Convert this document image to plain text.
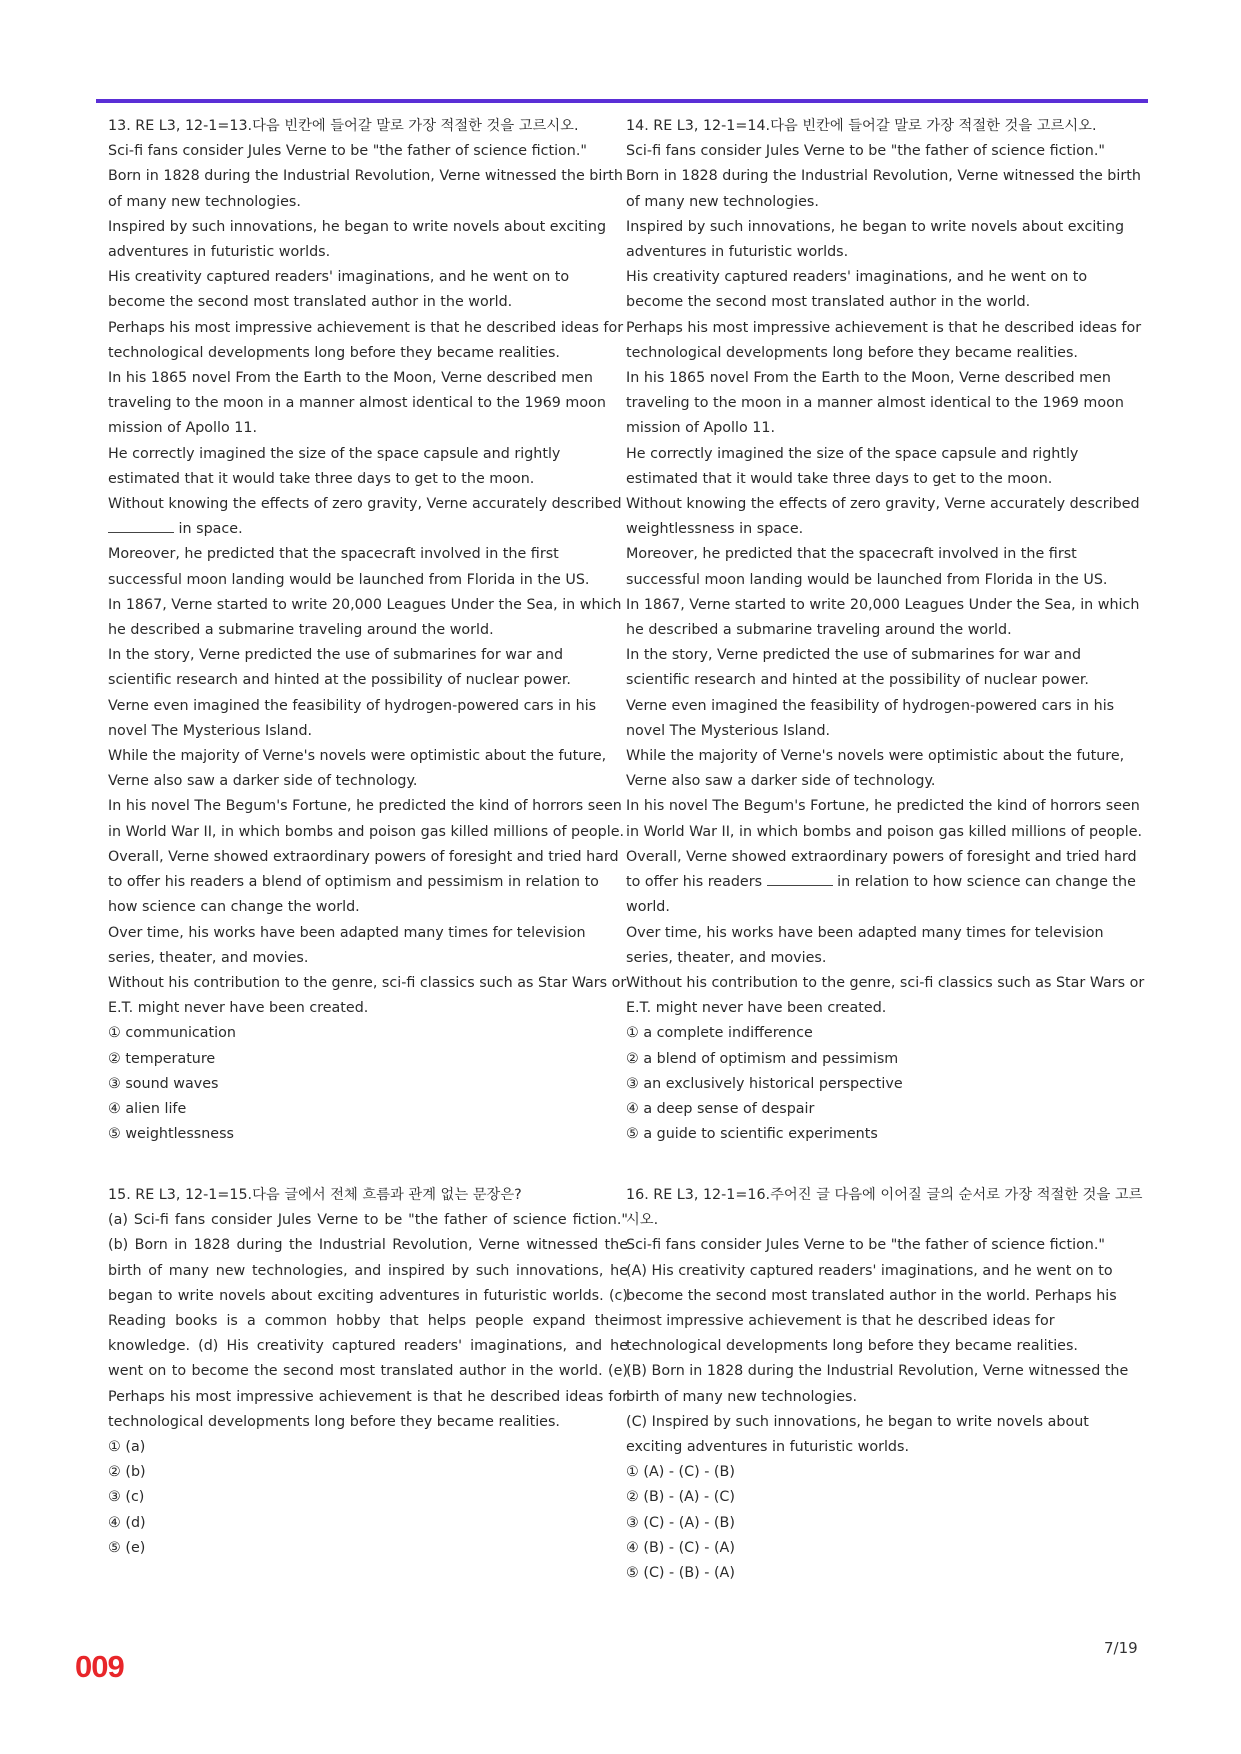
13. RE L3, 12-1=13.다음 빈칸에 들어갈 말로 가장 적절한 것을 고르시오.

Sci-fi fans consider Jules Verne to be "the father of science fiction."

Born in 1828 during the Industrial Revolution, Verne witnessed the birth of many new technologies.

Inspired by such innovations, he began to write novels about exciting adventures in futuristic worlds.

His creativity captured readers' imaginations, and he went on to become the second most translated author in the world.

Perhaps his most impressive achievement is that he described ideas for technological developments long before they became realities.

In his 1865 novel From the Earth to the Moon, Verne described men traveling to the moon in a manner almost identical to the 1969 moon mission of Apollo 11.

He correctly imagined the size of the space capsule and rightly estimated that it would take three days to get to the moon.

Without knowing the effects of zero gravity, Verne accurately described

in space.

Moreover, he predicted that the spacecraft involved in the first successful moon landing would be launched from Florida in the US.

In 1867, Verne started to write 20,000 Leagues Under the Sea, in which he described a submarine traveling around the world.

In the story, Verne predicted the use of submarines for war and scientific research and hinted at the possibility of nuclear power.

Verne even imagined the feasibility of hydrogen-powered cars in his novel The Mysterious Island.

While the majority of Verne's novels were optimistic about the future, Verne also saw a darker side of technology.

In his novel The Begum's Fortune, he predicted the kind of horrors seen in World War II, in which bombs and poison gas killed millions of people.

Overall, Verne showed extraordinary powers of foresight and tried hard to offer his readers a blend of optimism and pessimism in relation to how science can change the world.

Over time, his works have been adapted many times for television series, theater, and movies.

Without his contribution to the genre, sci-fi classics such as Star Wars or E.T. might never have been created.

① communication

② temperature

③ sound waves

④ alien life

⑤ weightlessness

14. RE L3, 12-1=14.다음 빈칸에 들어갈 말로 가장 적절한 것을 고르시오.

Sci-fi fans consider Jules Verne to be "the father of science fiction."

Born in 1828 during the Industrial Revolution, Verne witnessed the birth of many new technologies.

Inspired by such innovations, he began to write novels about exciting adventures in futuristic worlds.

His creativity captured readers' imaginations, and he went on to become the second most translated author in the world.

Perhaps his most impressive achievement is that he described ideas for technological developments long before they became realities.

In his 1865 novel From the Earth to the Moon, Verne described men traveling to the moon in a manner almost identical to the 1969 moon mission of Apollo 11.

He correctly imagined the size of the space capsule and rightly estimated that it would take three days to get to the moon.

Without knowing the effects of zero gravity, Verne accurately described weightlessness in space.

Moreover, he predicted that the spacecraft involved in the first successful moon landing would be launched from Florida in the US.

In 1867, Verne started to write 20,000 Leagues Under the Sea, in which he described a submarine traveling around the world.

In the story, Verne predicted the use of submarines for war and scientific research and hinted at the possibility of nuclear power.

Verne even imagined the feasibility of hydrogen-powered cars in his novel The Mysterious Island.

While the majority of Verne's novels were optimistic about the future, Verne also saw a darker side of technology.

In his novel The Begum's Fortune, he predicted the kind of horrors seen in World War II, in which bombs and poison gas killed millions of people.

Overall, Verne showed extraordinary powers of foresight and tried hard to offer his readers	in relation to how science can change the world.

Over time, his works have been adapted many times for television series, theater, and movies.

Without his contribution to the genre, sci-fi classics such as Star Wars or E.T. might never have been created.

① a complete indifference

② a blend of optimism and pessimism

③ an exclusively historical perspective

④ a deep sense of despair

⑤ a guide to scientific experiments

15. RE L3, 12-1=15.다음 글에서 전체 흐름과 관계 없는 문장은?

(a) Sci-fi fans consider Jules Verne to be "the father of science fiction." (b) Born in 1828 during the Industrial Revolution, Verne witnessed the birth of many new technologies, and inspired by such innovations, he began to write novels about exciting adventures in futuristic worlds. (c) Reading books is a common hobby that helps people expand their knowledge. (d) His creativity captured readers' imaginations, and he went on to become the second most translated author in the world. (e) Perhaps his most impressive achievement is that he described ideas for technological developments long before they became realities.

① (a)

② (b)

③ (c)

④ (d)

⑤ (e)

16. RE L3, 12-1=16.주어진 글 다음에 이어질 글의 순서로 가장 적절한 것을 고르시오.

Sci-fi fans consider Jules Verne to be "the father of science fiction."

(A) His creativity captured readers' imaginations, and he went on to become the second most translated author in the world. Perhaps his most impressive achievement is that he described ideas for technological developments long before they became realities.

(B) Born in 1828 during the Industrial Revolution, Verne witnessed the birth of many new technologies.

(C) Inspired by such innovations, he began to write novels about exciting adventures in futuristic worlds.

① (A) - (C) - (B)

② (B) - (A) - (C)

③ (C) - (A) - (B)

④ (B) - (C) - (A)

⑤ (C) - (B) - (A)

7/19
009
